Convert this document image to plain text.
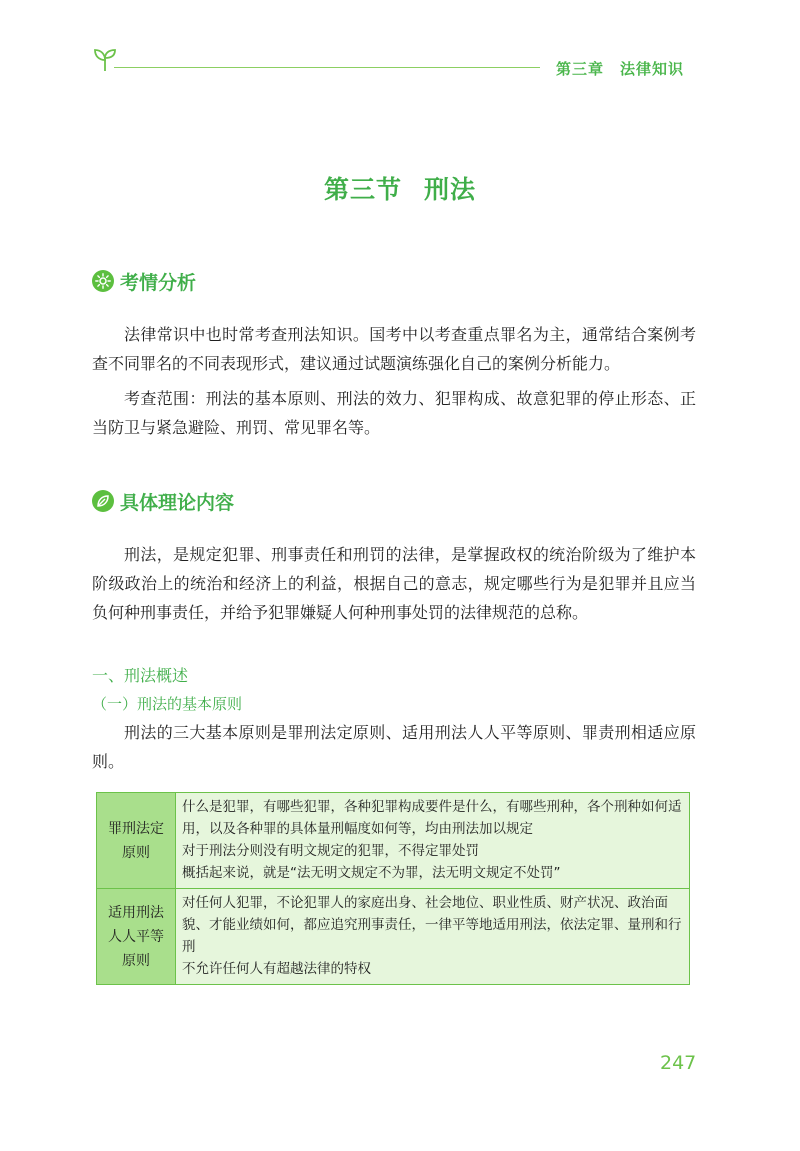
第三章 法律知识
第三节 刑法
考情分析
法律常识中也时常考查刑法知识。国考中以考查重点罪名为主，通常结合案例考查不同罪名的不同表现形式，建议通过试题演练强化自己的案例分析能力。
考查范围：刑法的基本原则、刑法的效力、犯罪构成、故意犯罪的停止形态、正当防卫与紧急避险、刑罚、常见罪名等。
具体理论内容
刑法，是规定犯罪、刑事责任和刑罚的法律，是掌握政权的统治阶级为了维护本阶级政治上的统治和经济上的利益，根据自己的意志，规定哪些行为是犯罪并且应当负何种刑事责任，并给予犯罪嫌疑人何种刑事处罚的法律规范的总称。
一、刑法概述
（一）刑法的基本原则
刑法的三大基本原则是罪刑法定原则、适用刑法人人平等原则、罪责刑相适应原则。
罪刑法定
原则	什么是犯罪，有哪些犯罪，各种犯罪构成要件是什么，有哪些刑种，各个刑种如何适用，以及各种罪的具体量刑幅度如何等，均由刑法加以规定
对于刑法分则没有明文规定的犯罪，不得定罪处罚
概括起来说，就是“法无明文规定不为罪，法无明文规定不处罚”

适用刑法
人人平等
原则	对任何人犯罪，不论犯罪人的家庭出身、社会地位、职业性质、财产状况、政治面貌、才能业绩如何，都应追究刑事责任，一律平等地适用刑法，依法定罪、量刑和行刑
不允许任何人有超越法律的特权
247
